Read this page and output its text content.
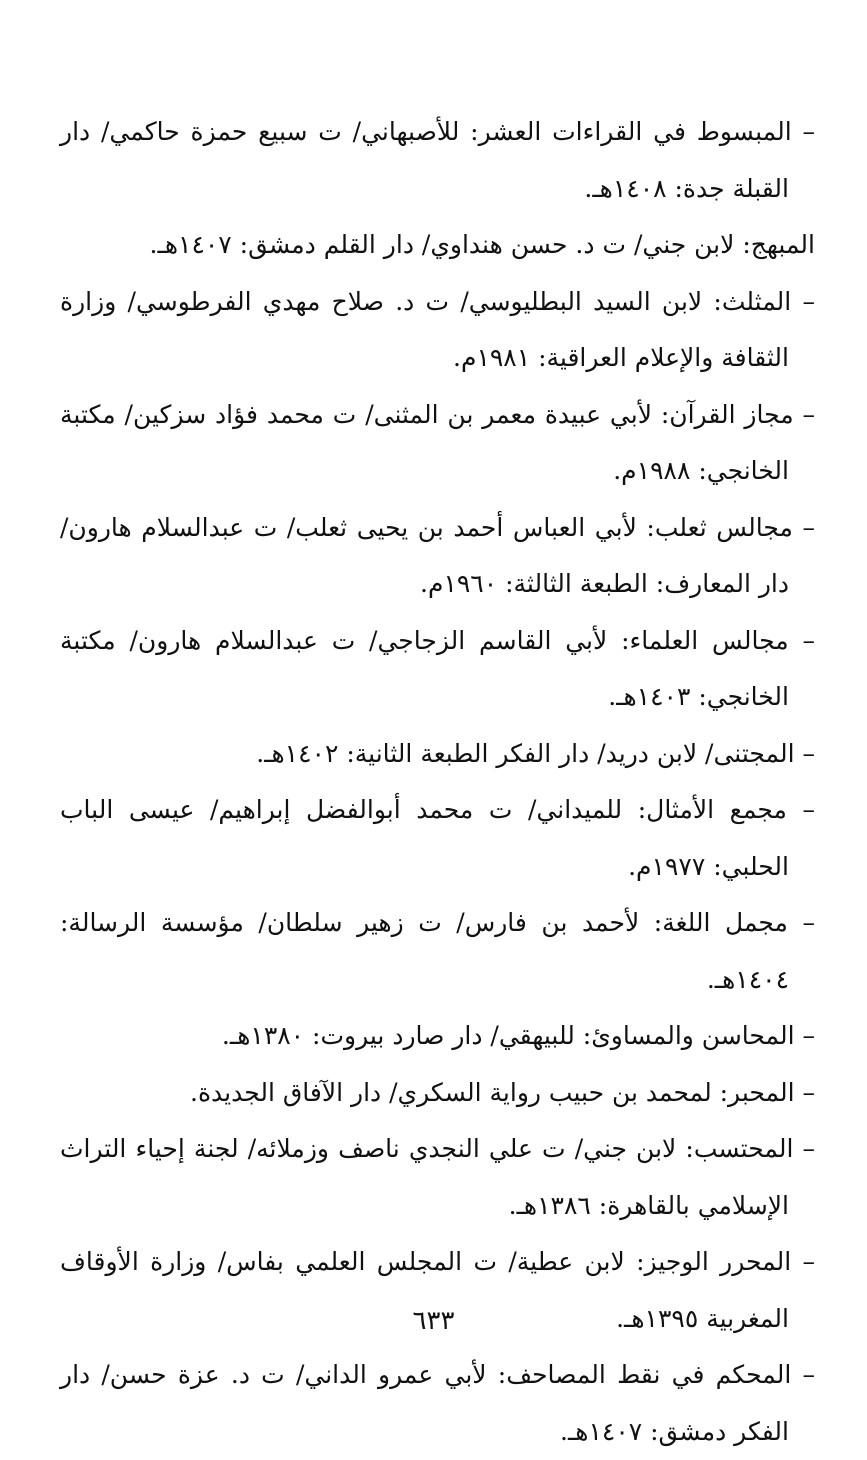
– المبسوط في القراءات العشر: للأصبهاني/ ت سبيع حمزة حاكمي/ دار القبلة جدة: ١٤٠٨هـ.

المبهج: لابن جني/ ت د. حسن هنداوي/ دار القلم دمشق: ١٤٠٧هـ.

– المثلث: لابن السيد البطليوسي/ ت د. صلاح مهدي الفرطوسي/ وزارة الثقافة والإعلام العراقية: ١٩٨١م.

– مجاز القرآن: لأبي عبيدة معمر بن المثنى/ ت محمد فؤاد سزكين/ مكتبة الخانجي: ١٩٨٨م.

– مجالس ثعلب: لأبي العباس أحمد بن يحيى ثعلب/ ت عبدالسلام هارون/ دار المعارف: الطبعة الثالثة: ١٩٦٠م.

– مجالس العلماء: لأبي القاسم الزجاجي/ ت عبدالسلام هارون/ مكتبة الخانجي: ١٤٠٣هـ.

– المجتنى/ لابن دريد/ دار الفكر الطبعة الثانية: ١٤٠٢هـ.

– مجمع الأمثال: للميداني/ ت محمد أبوالفضل إبراهيم/ عيسى الباب الحلبي: ١٩٧٧م.

– مجمل اللغة: لأحمد بن فارس/ ت زهير سلطان/ مؤسسة الرسالة: ١٤٠٤هـ.

– المحاسن والمساوئ: للبيهقي/ دار صارد بيروت: ١٣٨٠هـ.

– المحبر: لمحمد بن حبيب رواية السكري/ دار الآفاق الجديدة.

– المحتسب: لابن جني/ ت علي النجدي ناصف وزملائه/ لجنة إحياء التراث الإسلامي بالقاهرة: ١٣٨٦هـ.

– المحرر الوجيز: لابن عطية/ ت المجلس العلمي بفاس/ وزارة الأوقاف المغربية ١٣٩٥هـ.

– المحكم في نقط المصاحف: لأبي عمرو الداني/ ت د. عزة حسن/ دار الفكر دمشق: ١٤٠٧هـ.

٦٣٣
